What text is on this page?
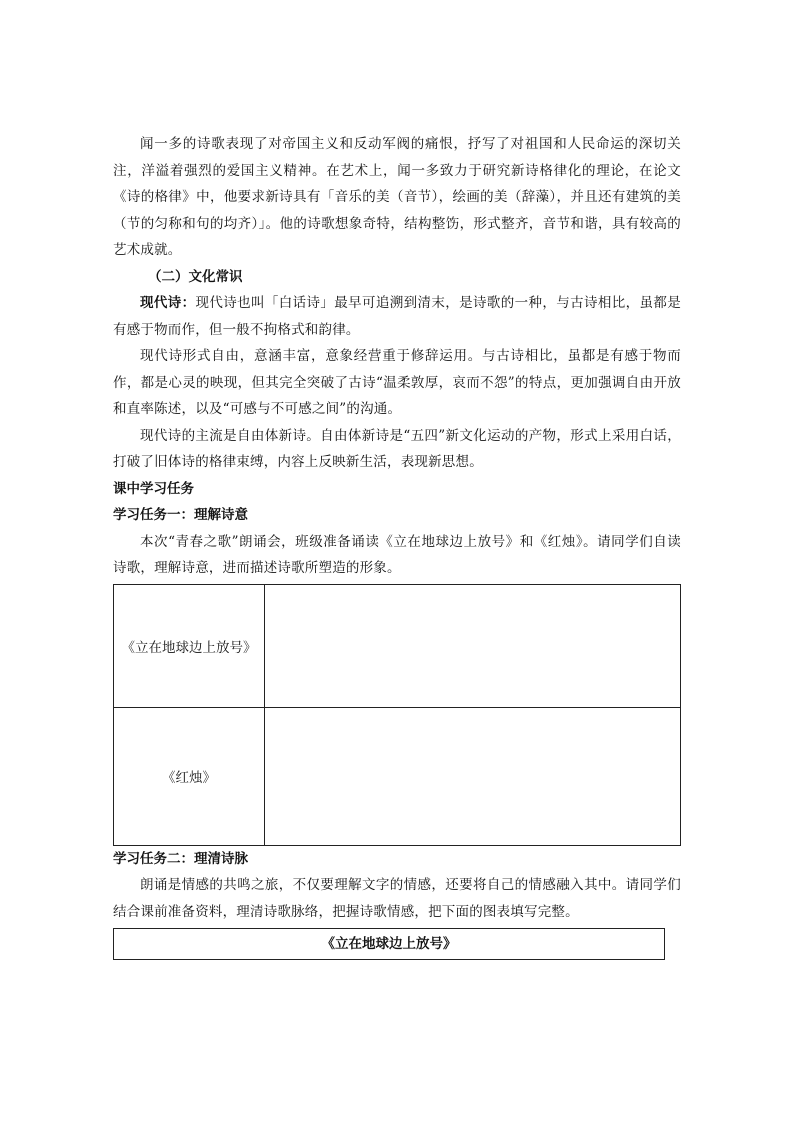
闻一多的诗歌表现了对帝国主义和反动军阀的痛恨，抒写了对祖国和人民命运的深切关注，洋溢着强烈的爱国主义精神。在艺术上，闻一多致力于研究新诗格律化的理论，在论文《诗的格律》中，他要求新诗具有「音乐的美（音节），绘画的美（辞藻），并且还有建筑的美（节的匀称和句的均齐）」。他的诗歌想象奇特，结构整饬，形式整齐，音节和谐，具有较高的艺术成就。

（二）文化常识

现代诗：现代诗也叫「白话诗」最早可追溯到清末，是诗歌的一种，与古诗相比，虽都是有感于物而作，但一般不拘格式和韵律。

现代诗形式自由，意涵丰富，意象经营重于修辞运用。与古诗相比，虽都是有感于物而作，都是心灵的映现，但其完全突破了古诗“温柔敦厚，哀而不怨”的特点，更加强调自由开放和直率陈述，以及“可感与不可感之间”的沟通。

现代诗的主流是自由体新诗。自由体新诗是“五四”新文化运动的产物，形式上采用白话，打破了旧体诗的格律束缚，内容上反映新生活，表现新思想。

课中学习任务

学习任务一：理解诗意

本次“青春之歌”朗诵会，班级准备诵读《立在地球边上放号》和《红烛》。请同学们自读诗歌，理解诗意，进而描述诗歌所塑造的形象。

《立在地球边上放号》	
《红烛》	

学习任务二：理清诗脉

朗诵是情感的共鸣之旅，不仅要理解文字的情感，还要将自己的情感融入其中。请同学们结合课前准备资料，理清诗歌脉络，把握诗歌情感，把下面的图表填写完整。

《立在地球边上放号》
